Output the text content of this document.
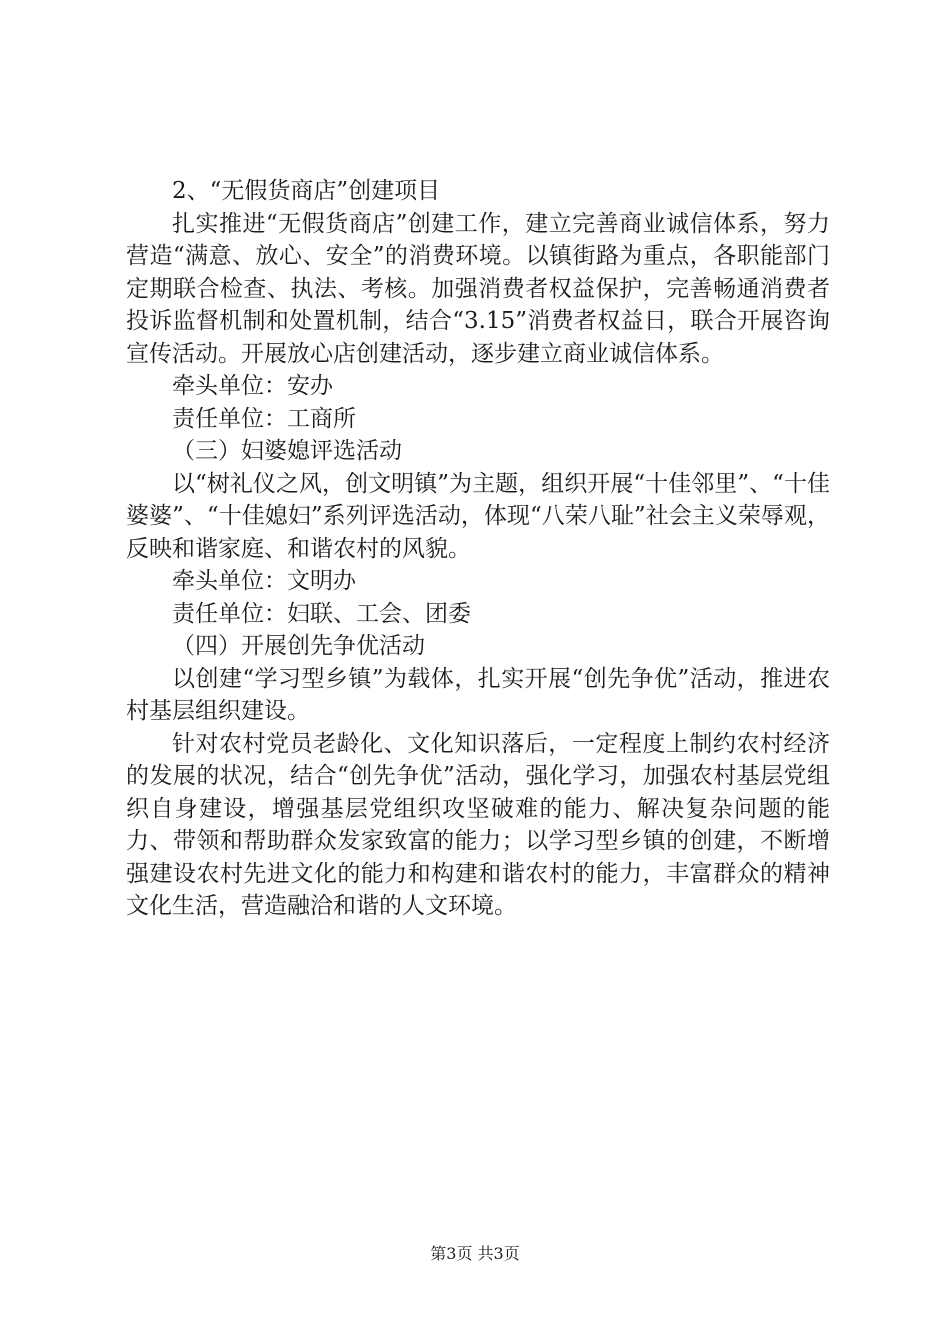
2、“无假货商店”创建项目

扎实推进“无假货商店”创建工作，建立完善商业诚信体系，努力营造“满意、放心、安全”的消费环境。以镇街路为重点，各职能部门定期联合检查、执法、考核。加强消费者权益保护，完善畅通消费者投诉监督机制和处置机制，结合“3.15”消费者权益日，联合开展咨询宣传活动。开展放心店创建活动，逐步建立商业诚信体系。

牵头单位：安办

责任单位：工商所

（三）妇婆媳评选活动

以“树礼仪之风，创文明镇”为主题，组织开展“十佳邻里”、“十佳婆婆”、“十佳媳妇”系列评选活动，体现“八荣八耻”社会主义荣辱观，反映和谐家庭、和谐农村的风貌。

牵头单位：文明办

责任单位：妇联、工会、团委

（四）开展创先争优活动

以创建“学习型乡镇”为载体，扎实开展“创先争优”活动，推进农村基层组织建设。

针对农村党员老龄化、文化知识落后，一定程度上制约农村经济的发展的状况，结合“创先争优”活动，强化学习，加强农村基层党组织自身建设，增强基层党组织攻坚破难的能力、解决复杂问题的能力、带领和帮助群众发家致富的能力；以学习型乡镇的创建，不断增强建设农村先进文化的能力和构建和谐农村的能力，丰富群众的精神文化生活，营造融洽和谐的人文环境。

第3页 共3页
